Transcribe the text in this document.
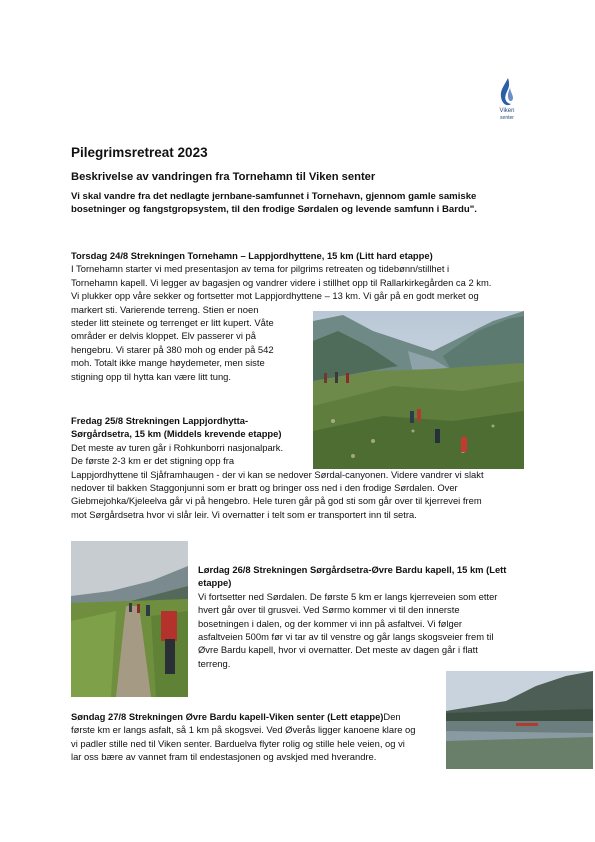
Viken
senter
Pilegrimsretreat 2023
Beskrivelse av vandringen fra Tornehamn til Viken senter
Vi skal vandre fra det nedlagte jernbane-samfunnet i Tornehavn, gjennom gamle samiske bosetninger og fangstgropsystem, til den frodige Sørdalen og levende samfunn i Bardu".
Torsdag 24/8 Strekningen Tornehamn – Lappjordhyttene, 15 km (Litt hard etappe)
I Tornehamn starter vi med presentasjon av tema for pilgrims retreaten og tidebønn/stillhet i
Tornehamn kapell. Vi legger av bagasjen og vandrer videre i stillhet opp til Rallarkirkegården ca 2 km.
Vi plukker opp våre sekker og fortsetter mot Lappjordhyttene – 13 km. Vi går på en godt merket og
markert sti. Varierende terreng. Stien er noen
steder litt steinete og terrenget er litt kupert. Våte
områder er delvis kloppet. Elv passerer vi på
hengebru. Vi starer på 380 moh og ender på 542
moh. Totalt ikke mange høydemeter, men siste
stigning opp til hytta kan være litt tung.
Fredag 25/8 Strekningen Lappjordhytta-
Sørgårdsetra, 15 km (Middels krevende etappe)
Det meste av turen går i Rohkunborri nasjonalpark.
De første 2-3 km er det stigning opp fra
Lappjordhyttene til Sjåframhaugen - der vi kan se nedover Sørdal-canyonen. Videre vandrer vi slakt
nedover til bakken Staggonjunni som er bratt og bringer oss ned i den frodige Sørdalen. Over
Giebmejohka/Kjeleelva går vi på hengebro. Hele turen går på god sti som går over til kjerrevei frem
mot Sørgårdsetra hvor vi slår leir. Vi overnatter i telt som er transportert inn til setra.
Lørdag 26/8 Strekningen Sørgårdsetra-Øvre Bardu kapell, 15 km (Lett
etappe)
Vi fortsetter ned Sørdalen. De første 5 km er langs kjerreveien som etter
hvert går over til grusvei. Ved Sørmo kommer vi til den innerste
bosetningen i dalen, og der kommer vi inn på asfaltvei. Vi følger
asfaltveien 500m før vi tar av til venstre og går langs skogsveier frem til
Øvre Bardu kapell, hvor vi overnatter. Det meste av dagen går i flatt
terreng.
Søndag 27/8 Strekningen Øvre Bardu kapell-Viken senter (Lett etappe)Den
første km er langs asfalt, så 1 km på skogsvei. Ved Øverås ligger kanoene klare og
vi padler stille ned til Viken senter. Barduelva flyter rolig og stille hele veien, og vi
lar oss bære av vannet fram til endestasjonen og avskjed med hverandre.
